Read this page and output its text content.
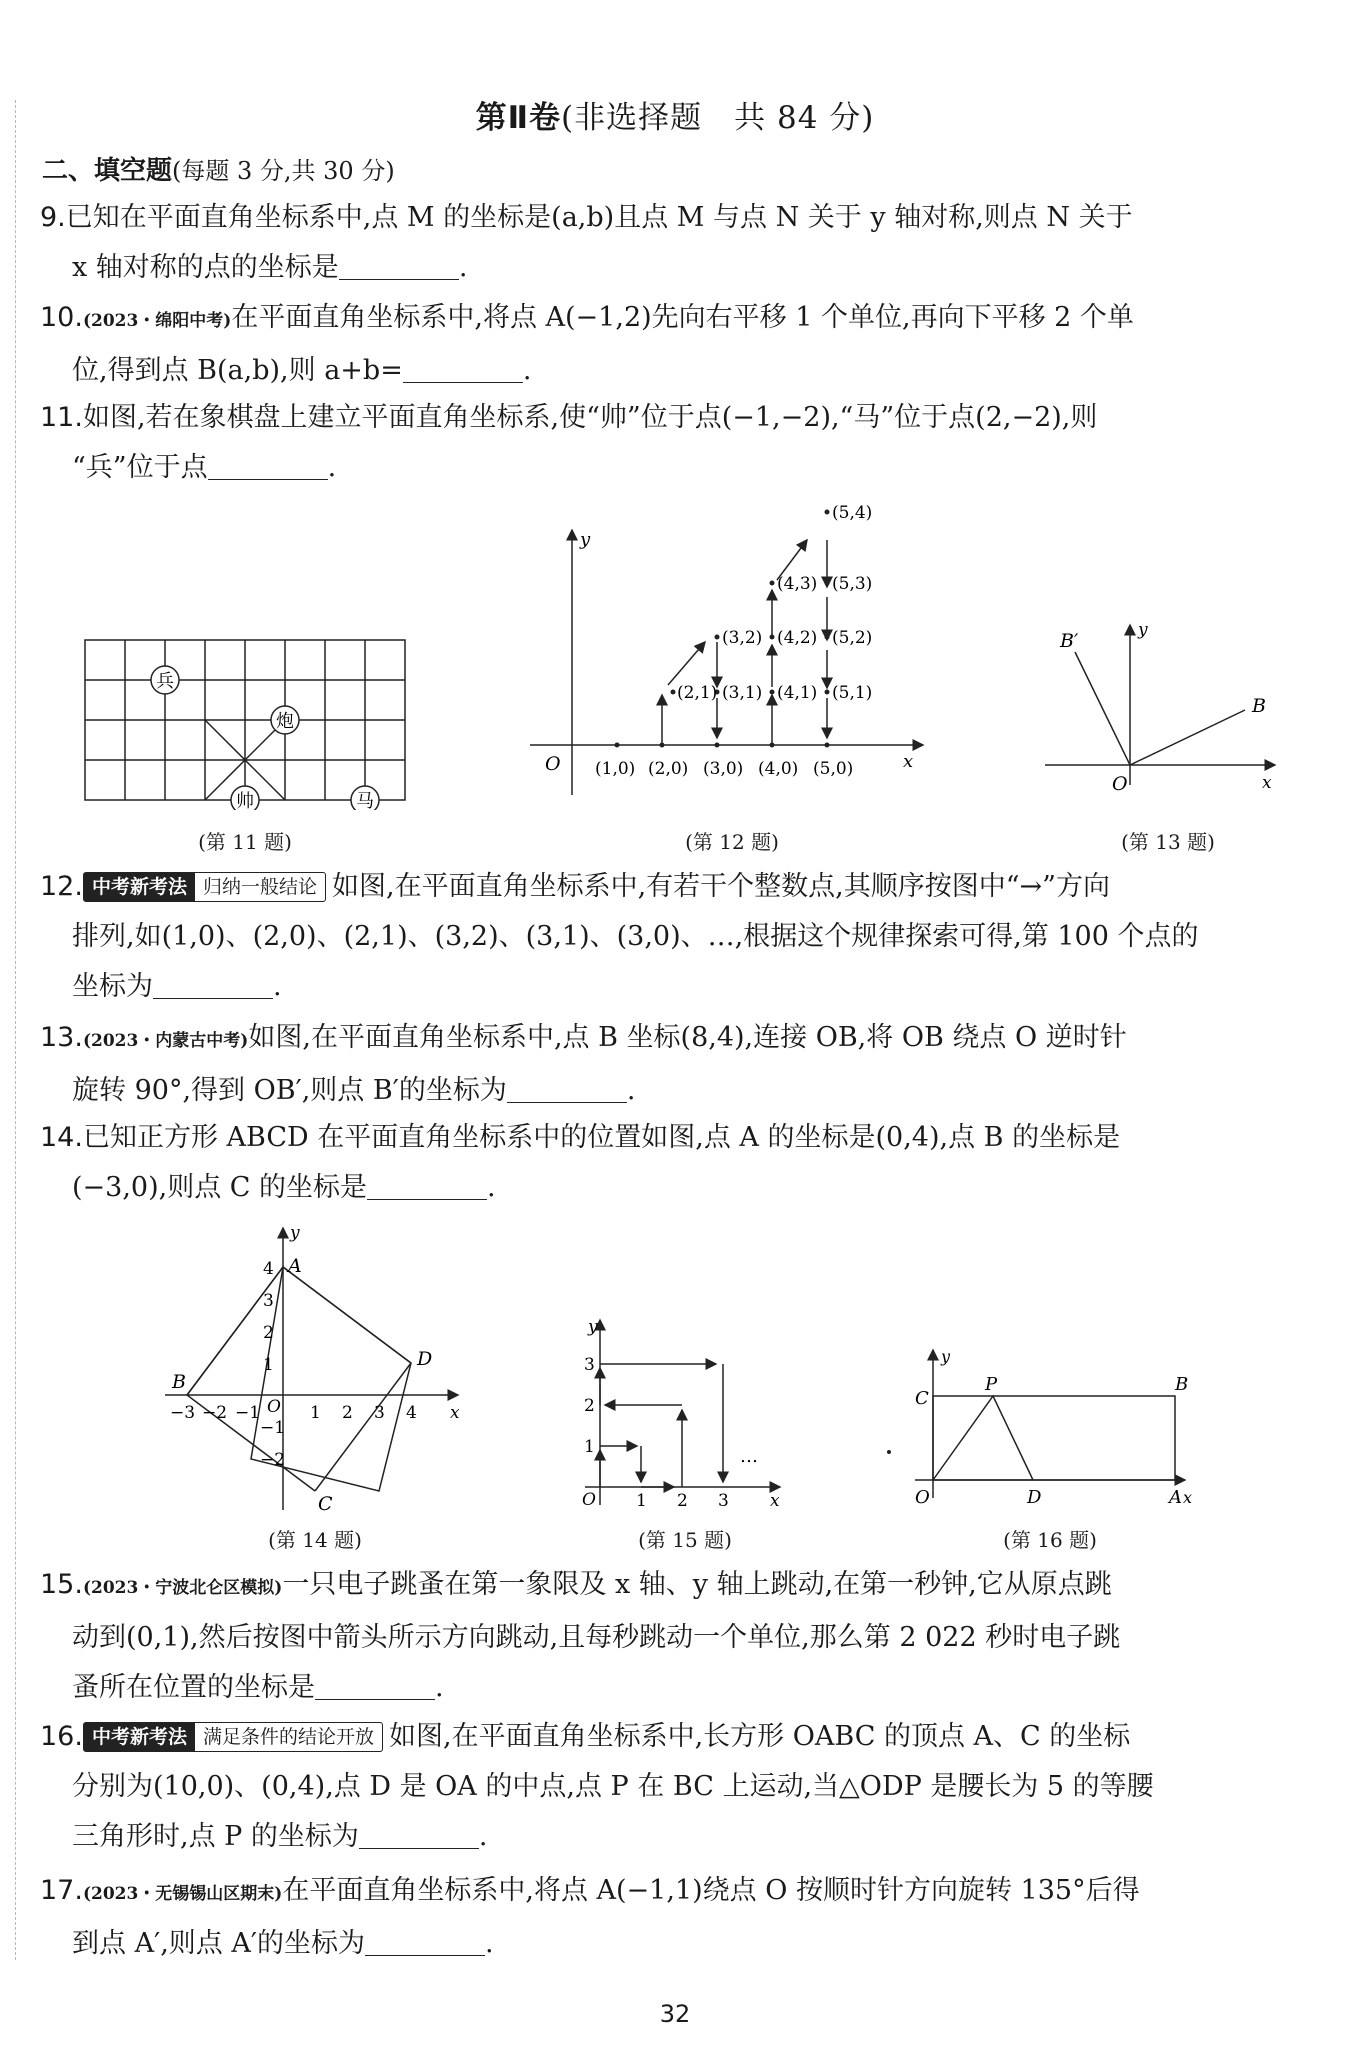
第Ⅱ卷(非选择题　共 84 分)
二、填空题(每题 3 分,共 30 分)
9.已知在平面直角坐标系中,点 M 的坐标是(a,b)且点 M 与点 N 关于 y 轴对称,则点 N 关于
x 轴对称的点的坐标是	.
10.(2023・绵阳中考)在平面直角坐标系中,将点 A(−1,2)先向右平移 1 个单位,再向下平移 2 个单
位,得到点 B(a,b),则 a+b=	.
11.如图,若在象棋盘上建立平面直角坐标系,使“帅”位于点(−1,−2),“马”位于点(2,−2),则
“兵”位于点	.
兵
炮
帅	马
(第 11 题)
x
y
O (1,0) (2,0) (3,0) (4,0) (5,0)
(2,1) (3,1) (4,1) (5,1)
(3,2) (4,2) (5,2)
(4,3) (5,3)
(5,4)
(第 12 题)
B
B′	y
x
O
(第 13 题)
12. 中考新考法 归纳一般结论 如图,在平面直角坐标系中,有若干个整数点,其顺序按图中“→”方向
排列,如(1,0)、(2,0)、(2,1)、(3,2)、(3,1)、(3,0)、…,根据这个规律探索可得,第 100 个点的
坐标为	.
13.(2023・内蒙古中考)如图,在平面直角坐标系中,点 B 坐标(8,4),连接 OB,将 OB 绕点 O 逆时针
旋转 90°,得到 OB′,则点 B′的坐标为	.
14.已知正方形 ABCD 在平面直角坐标系中的位置如图,点 A 的坐标是(0,4),点 B 的坐标是
(−3,0),则点 C 的坐标是	.
A
B
C
D
x
y
O
−3 −2 −1	1 2 3 4
4
3
2
1
−1
−2
(第 14 题)
O 1 2 3
1
2
3
x
y
…
(第 15 题)
C
P	B
D	A
O	x
y
(第 16 题)
15.(2023・宁波北仑区模拟)一只电子跳蚤在第一象限及 x 轴、y 轴上跳动,在第一秒钟,它从原点跳
动到(0,1),然后按图中箭头所示方向跳动,且每秒跳动一个单位,那么第 2 022 秒时电子跳
蚤所在位置的坐标是	.
16. 中考新考法 满足条件的结论开放 如图,在平面直角坐标系中,长方形 OABC 的顶点 A、C 的坐标
分别为(10,0)、(0,4),点 D 是 OA 的中点,点 P 在 BC 上运动,当△ODP 是腰长为 5 的等腰
三角形时,点 P 的坐标为	.
17.(2023・无锡锡山区期末)在平面直角坐标系中,将点 A(−1,1)绕点 O 按顺时针方向旋转 135°后得
到点 A′,则点 A′的坐标为	.
32
